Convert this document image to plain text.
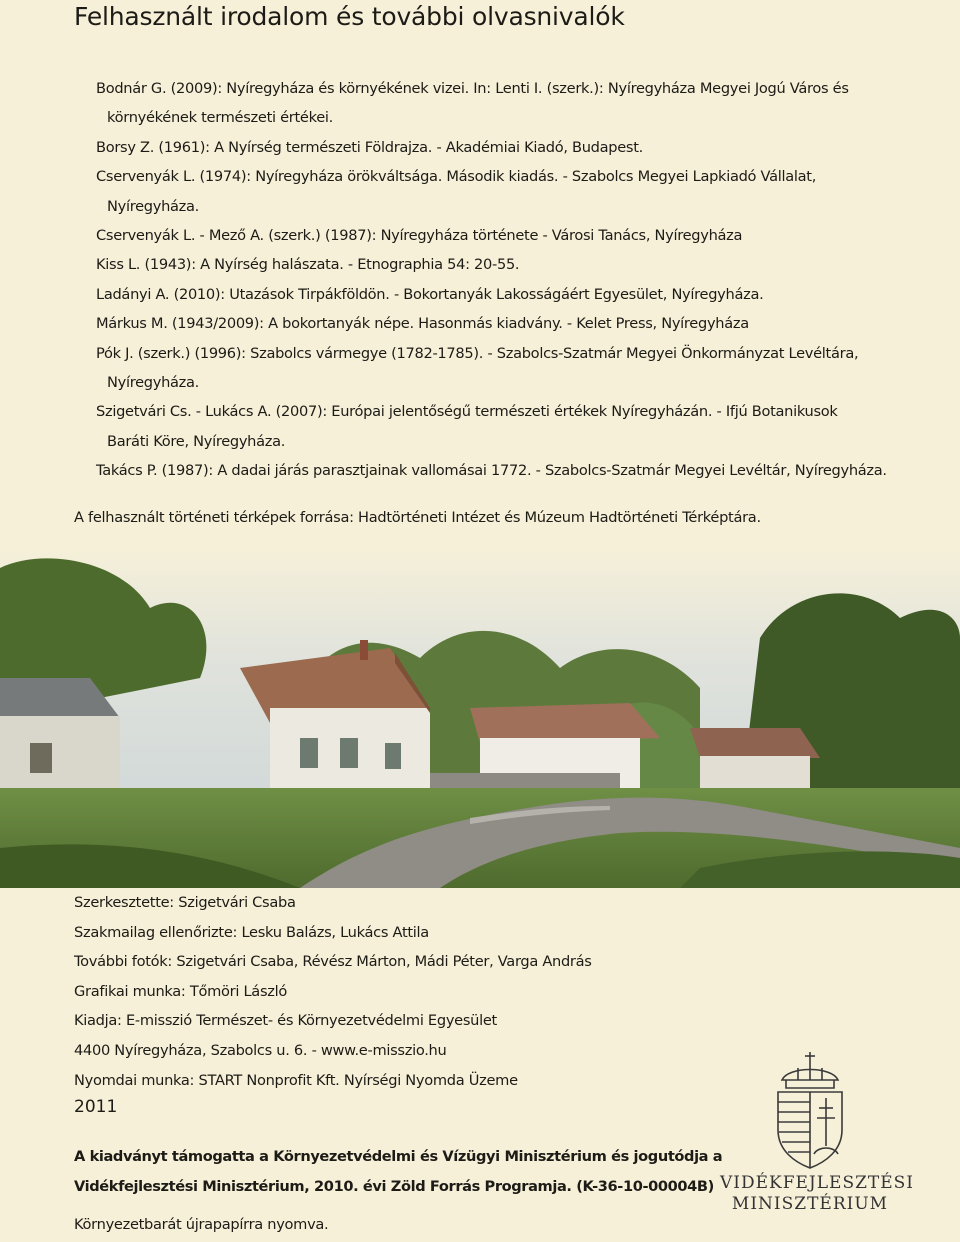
Felhasznált irodalom és további olvasnivalók
Bodnár G. (2009): Nyíregyháza és környékének vizei. In: Lenti I. (szerk.): Nyíregyháza Megyei Jogú Város és
környékének természeti értékei.
Borsy Z. (1961): A Nyírség természeti Földrajza. - Akadémiai Kiadó, Budapest.
Cservenyák L. (1974): Nyíregyháza örökváltsága. Második kiadás. - Szabolcs Megyei Lapkiadó Vállalat,
Nyíregyháza.
Cservenyák L. - Mező A. (szerk.) (1987): Nyíregyháza története - Városi Tanács, Nyíregyháza
Kiss L. (1943): A Nyírség halászata. - Etnographia 54: 20-55.
Ladányi A. (2010): Utazások Tirpákföldön. - Bokortanyák Lakosságáért Egyesület, Nyíregyháza.
Márkus M. (1943/2009): A bokortanyák népe. Hasonmás kiadvány. - Kelet Press, Nyíregyháza
Pók J. (szerk.) (1996): Szabolcs vármegye (1782-1785). - Szabolcs-Szatmár Megyei Önkormányzat Levéltára,
Nyíregyháza.
Szigetvári Cs. - Lukács A. (2007): Európai jelentőségű természeti értékek Nyíregyházán. - Ifjú Botanikusok
Baráti Köre, Nyíregyháza.
Takács P. (1987): A dadai járás parasztjainak vallomásai 1772. - Szabolcs-Szatmár Megyei Levéltár, Nyíregyháza.
A felhasznált történeti térképek forrása: Hadtörténeti Intézet és Múzeum Hadtörténeti Térképtára.
Szerkesztette: Szigetvári Csaba
Szakmailag ellenőrizte: Lesku Balázs, Lukács Attila
További fotók: Szigetvári Csaba, Révész Márton, Mádi Péter, Varga András
Grafikai munka: Tőmöri László
Kiadja: E-misszió Természet- és Környezetvédelmi Egyesület
4400 Nyíregyháza, Szabolcs u. 6. - www.e-misszio.hu
Nyomdai munka: START Nonprofit Kft. Nyírségi Nyomda Üzeme
2011
A kiadványt támogatta a Környezetvédelmi és Vízügyi Minisztérium és jogutódja a
Vidékfejlesztési Minisztérium, 2010. évi Zöld Forrás Programja. (K-36-10-00004B)
Környezetbarát újrapapírra nyomva.
VIDÉKFEJLESZTÉSI
MINISZTÉRIUM
